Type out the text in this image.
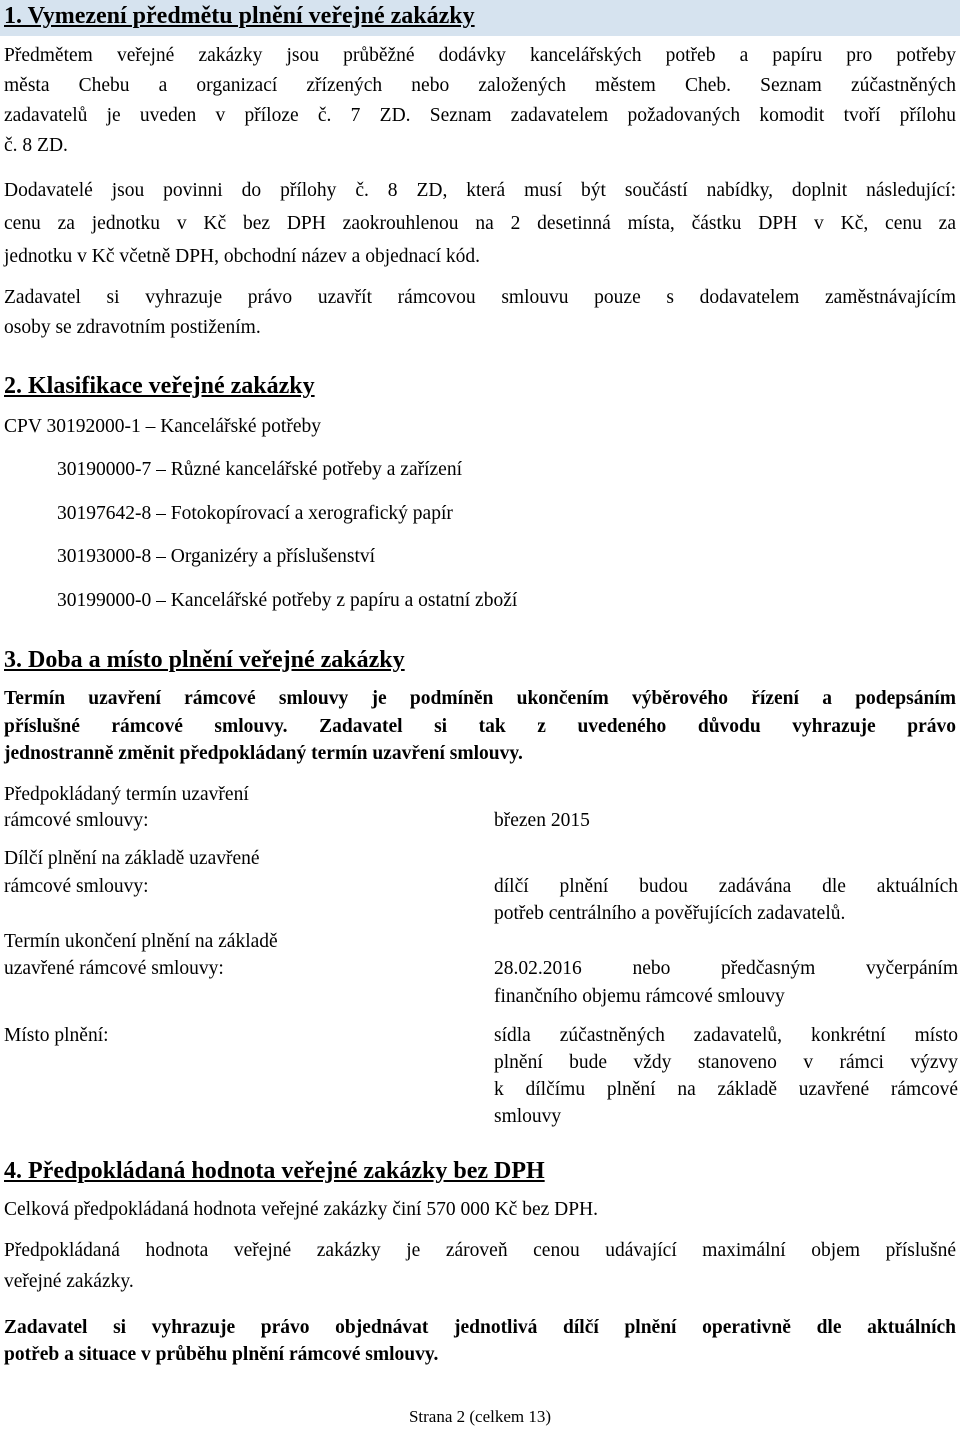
1. Vymezení předmětu plnění veřejné zakázky
Předmětem veřejné zakázky jsou průběžné dodávky kancelářských potřeb a papíru pro potřeby
města Chebu a organizací zřízených nebo založených městem Cheb. Seznam zúčastněných
zadavatelů je uveden v příloze č. 7 ZD. Seznam zadavatelem požadovaných komodit tvoří přílohu
č. 8 ZD.
Dodavatelé jsou povinni do přílohy č. 8 ZD, která musí být součástí nabídky, doplnit následující:
cenu za jednotku v Kč bez DPH zaokrouhlenou na 2 desetinná místa, částku DPH v Kč, cenu za
jednotku v Kč včetně DPH, obchodní název a objednací kód.
Zadavatel si vyhrazuje právo uzavřít rámcovou smlouvu pouze s dodavatelem zaměstnávajícím
osoby se zdravotním postižením.
2. Klasifikace veřejné zakázky
CPV 30192000-1 – Kancelářské potřeby
30190000-7 – Různé kancelářské potřeby a zařízení
30197642-8 – Fotokopírovací a xerografický papír
30193000-8 – Organizéry a příslušenství
30199000-0 – Kancelářské potřeby z papíru a ostatní zboží
3. Doba a místo plnění veřejné zakázky
Termín uzavření rámcové smlouvy je podmíněn ukončením výběrového řízení a podepsáním
příslušné rámcové smlouvy. Zadavatel si tak z uvedeného důvodu vyhrazuje právo
jednostranně změnit předpokládaný termín uzavření smlouvy.
Předpokládaný termín uzavření
rámcové smlouvy:	březen 2015
Dílčí plnění na základě uzavřené
rámcové smlouvy:	dílčí plnění budou zadávána dle aktuálních
potřeb centrálního a pověřujících zadavatelů.
Termín ukončení plnění na základě
uzavřené rámcové smlouvy:	28.02.2016 nebo předčasným vyčerpáním
finančního objemu rámcové smlouvy
Místo plnění:	sídla zúčastněných zadavatelů, konkrétní místo
plnění bude vždy stanoveno v rámci výzvy
k dílčímu plnění na základě uzavřené rámcové
smlouvy
4. Předpokládaná hodnota veřejné zakázky bez DPH
Celková předpokládaná hodnota veřejné zakázky činí 570 000 Kč bez DPH.
Předpokládaná hodnota veřejné zakázky je zároveň cenou udávající maximální objem příslušné
veřejné zakázky.
Zadavatel si vyhrazuje právo objednávat jednotlivá dílčí plnění operativně dle aktuálních
potřeb a situace v průběhu plnění rámcové smlouvy.
Strana 2 (celkem 13)
